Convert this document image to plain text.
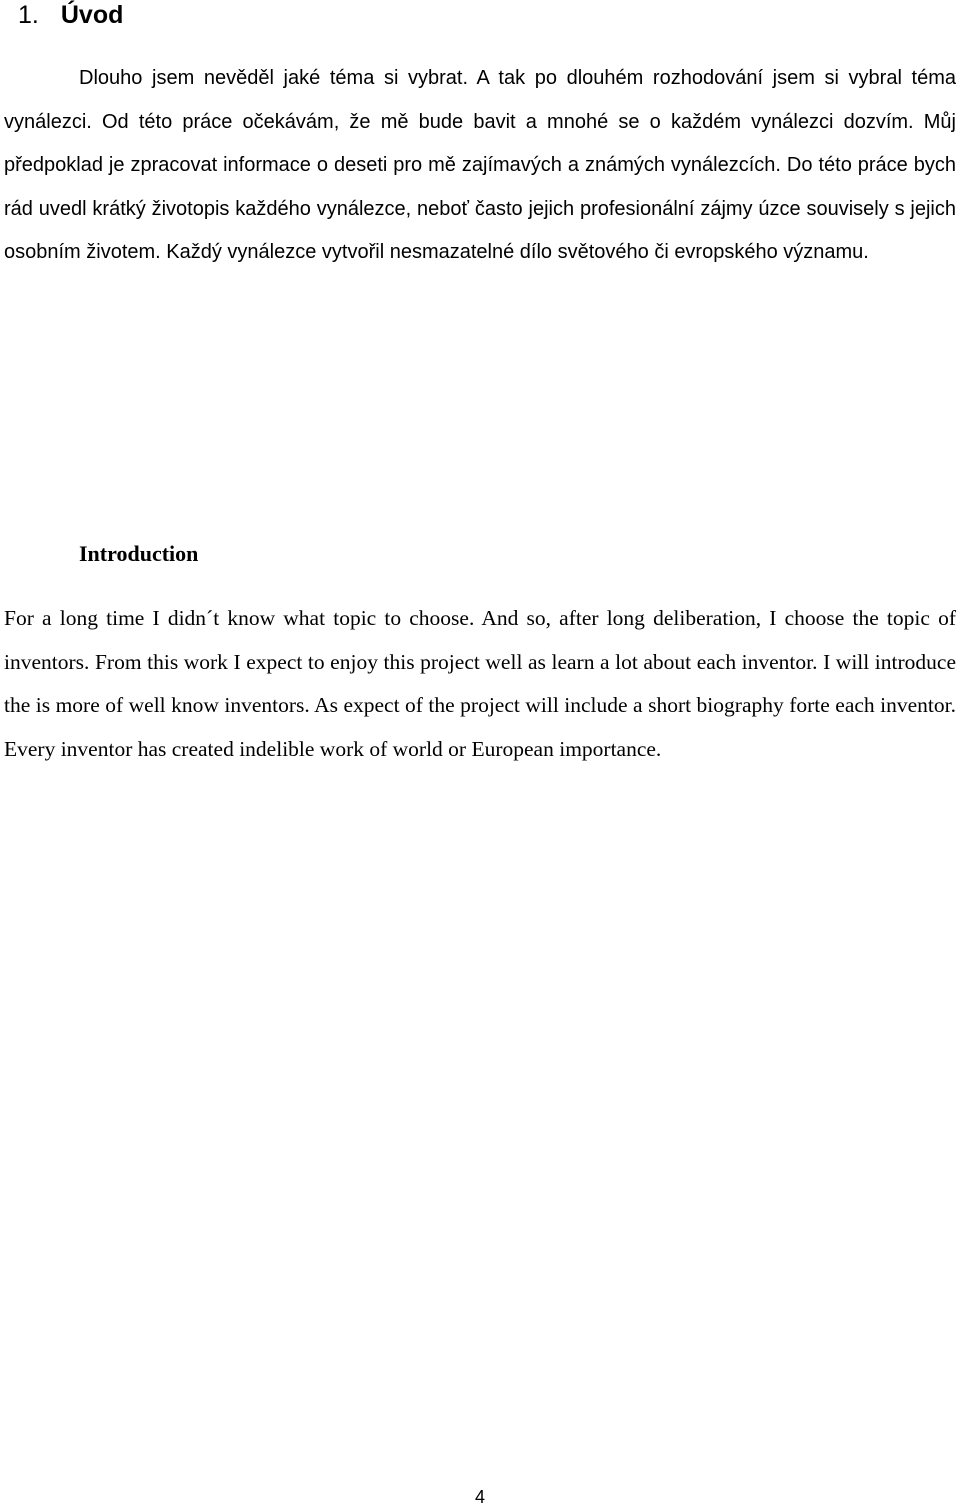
1. Úvod

Dlouho jsem nevěděl jaké téma si vybrat. A tak po dlouhém rozhodování jsem si vybral téma vynálezci. Od této práce očekávám, že mě bude bavit a mnohé se o každém vynálezci dozvím. Můj předpoklad je zpracovat informace o deseti pro mě zajímavých a známých vynálezcích. Do této práce bych rád uvedl krátký životopis každého vynálezce, neboť často jejich profesionální zájmy úzce souvisely s jejich osobním životem. Každý vynálezce vytvořil nesmazatelné dílo světového či evropského významu.

Introduction

For a long time I didn´t know what topic to choose. And so, after long deliberation, I choose the topic of inventors. From this work I expect to enjoy this project well as learn a lot about each inventor. I will introduce the is more of well know inventors. As expect of the project will include a short biography forte each inventor. Every inventor has created indelible work of world or European importance.

4
